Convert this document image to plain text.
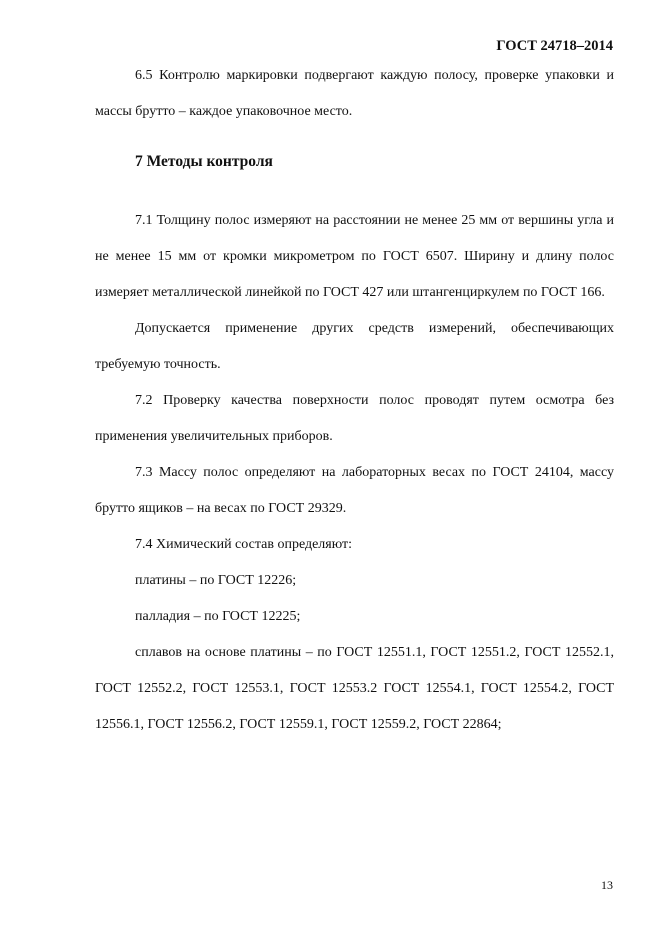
ГОСТ 24718–2014

6.5 Контролю маркировки подвергают каждую полосу, проверке упаковки и массы брутто – каждое упаковочное место.

7 Методы контроля

7.1 Толщину полос измеряют на расстоянии не менее 25 мм от вершины угла и не менее 15 мм от кромки микрометром по ГОСТ 6507. Ширину и длину полос измеряет металлической линейкой по ГОСТ 427 или штангенциркулем по ГОСТ 166.

Допускается применение других средств измерений, обеспечивающих требуемую точность.

7.2 Проверку качества поверхности полос проводят путем осмотра без применения увеличительных приборов.

7.3 Массу полос определяют на лабораторных весах по ГОСТ 24104, массу брутто ящиков – на весах по ГОСТ 29329.

7.4 Химический состав определяют:

платины – по ГОСТ 12226;

палладия – по ГОСТ 12225;

сплавов на основе платины – по ГОСТ 12551.1, ГОСТ 12551.2, ГОСТ 12552.1, ГОСТ 12552.2, ГОСТ 12553.1, ГОСТ 12553.2 ГОСТ 12554.1, ГОСТ 12554.2, ГОСТ 12556.1, ГОСТ 12556.2, ГОСТ 12559.1, ГОСТ 12559.2, ГОСТ 22864;

13
